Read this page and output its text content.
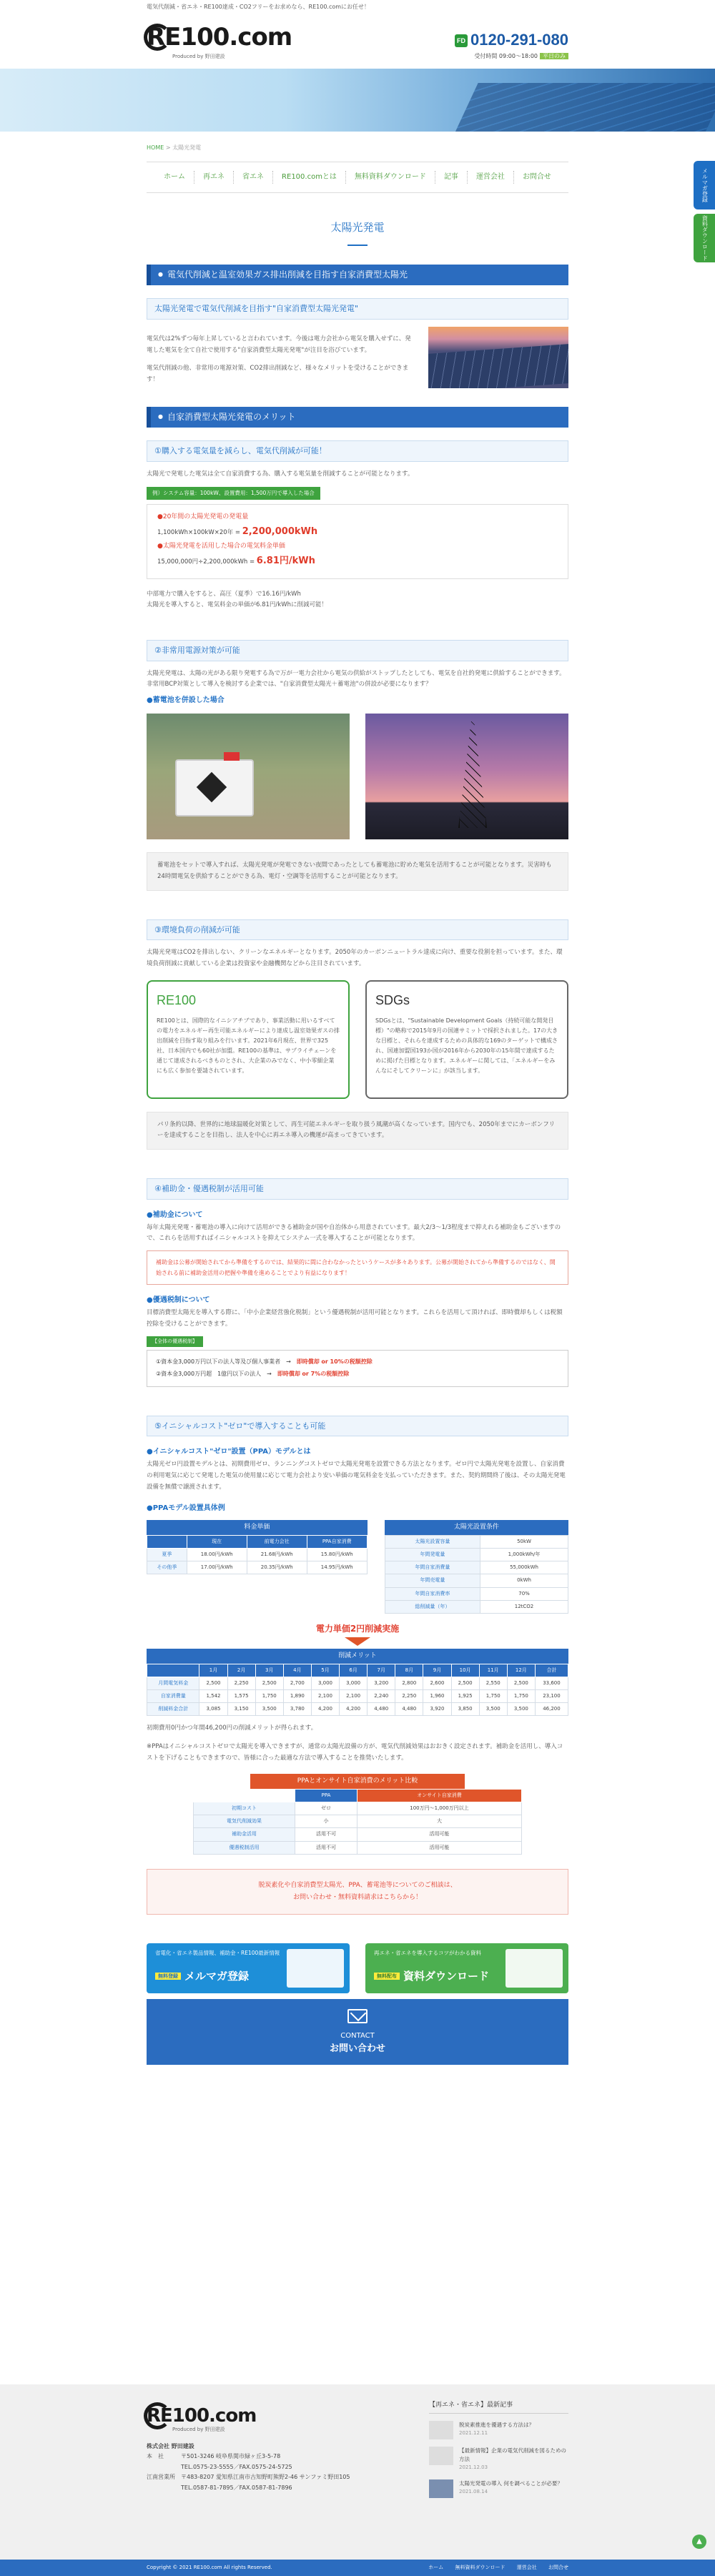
電気代削減・省エネ・RE100達成・CO2フリーをお求めなら、RE100.comにお任せ！
RE100.com
Produced by 野田建設
FD 0120-291-080
受付時間 09:00～18:00 平日のみ
HOME > 太陽光発電
ホーム	再エネ	省エネ	RE100.comとは	無料資料ダウンロード	記事	運営会社	お問合せ	メルマガ登録
資料ダウンロード
太陽光発電
● 電気代削減と温室効果ガス排出削減を目指す自家消費型太陽光
太陽光発電で電気代削減を目指す"自家消費型太陽光発電"

電気代は2%ずつ毎年上昇していると言われています。今後は電力会社から電気を購入せずに、発電した電気を全て自社で使用する"自家消費型太陽光発電"が注目を浴びています。

電気代削減の他、非常用の電源対策、CO2排出削減など、様々なメリットを受けることができます！

● 自家消費型太陽光発電のメリット
①購入する電気量を減らし、電気代削減が可能！

太陽光で発電した電気は全て自家消費する為、購入する電気量を削減することが可能となります。

例）システム容量：100kW、設置費用：1,500万円で導入した場合
●20年間の太陽光発電の発電量
1,100kWh×100kW×20年 = 2,200,000kWh
●太陽光発電を活用した場合の電気料金単価
15,000,000円÷2,200,000kWh = 6.81円/kWh

中部電力で購入をすると、高圧（夏季）で16.16円/kWh

太陽光を導入すると、電気料金の単価が6.81円/kWhに削減可能！

②非常用電源対策が可能

太陽光発電は、太陽の光がある限り発電する為で万が一電力会社から電気の供給がストップしたとしても、電気を自社的発電に供給することができます。非常用BCP対策として導入を検討する企業では、"自家消費型太陽光＋蓄電池"の併設が必要になります？

●蓄電池を併設した場合
蓄電池をセットで導入すれば、太陽光発電が発電できない夜間であったとしても蓄電池に貯めた電気を活用することが可能となります。災害時も24時間電気を供給することができる為、電灯・空調等を活用することが可能となります。
③環境負荷の削減が可能

太陽光発電はCO2を排出しない、クリーンなエネルギーとなります。2050年のカーボンニュートラル達成に向け、重要な役割を担っています。また、環境負荷削減に貢献している企業は投資家や金融機関などから注目されています。

RE100

RE100とは、国際的なイニシアチブであり、事業活動に用いるすべての電力をエネルギー再生可能エネルギーにより達成し温室効果ガスの排出削減を目指す取り組みを行います。2021年6月現在、世界で325社、日本国内でも60社が加盟。RE100の基準は、サプライチェーンを通じて達成されるべきものとされ、大企業のみでなく、中小零細企業にも広く参加を要請されています。

SDGs

SDGsとは、"Sustainable Development Goals（持続可能な開発目標）"の略称で2015年9月の国連サミットで採択されました。17の大きな目標と、それらを達成するための具体的な169のターゲットで構成され、国連加盟国193か国が2016年から2030年の15年間で達成するために掲げた目標となります。エネルギーに関しては、「エネルギーをみんなにそしてクリーンに」が該当します。

パリ条約以降、世界的に地球温暖化対策として、再生可能エネルギーを取り扱う風潮が高くなっています。国内でも、2050年までにカーボンフリーを達成することを目指し、法人を中心に再エネ導入の機運が高まってきています。
④補助金・優遇税制が活用可能
●補助金について

毎年太陽光発電・蓄電池の導入に向けて活用ができる補助金が国や自治体から用意されています。最大2/3～1/3程度まで抑えれる補助金もございますので、これらを活用すればイニシャルコストを抑えてシステム一式を導入することが可能となります。

補助金は公募が開始されてから準備をするのでは、結果的に間に合わなかったというケースが多々あります。公募が開始されてから準備するのではなく、開始される前に補助金活用の把握や準備を進めることでより有益になります！
●優遇税制について

目標消費型太陽光を導入する際に、「中小企業経営強化税制」という優遇税制が活用可能となります。これらを活用して頂ければ、即時償却もしくは税額控除を受けることができます。

【全体の優遇税制】
①資本金3,000万円以下の法人等及び個人事業者　→　即時償却 or 10%の税額控除
②資本金3,000万円超　1億円以下の法人　→　即時償却 or 7%の税額控除
⑤イニシャルコスト"ゼロ"で導入することも可能
●イニシャルコスト"ゼロ"設置（PPA）モデルとは

太陽光ゼロ円設置モデルとは、初期費用ゼロ、ランニングコストゼロで太陽光発電を設置できる方法となります。ゼロ円で太陽光発電を設置し、自家消費の利用電気に応じて発電した電気の使用量に応じて電力会社より安い単価の電気料金を支払っていただきます。また、契約期間終了後は、その太陽光発電設備を無償で譲渡されます。

●PPAモデル設置具体例
料金単価
	現在	前電力会社	PPA自家消費
夏季	18.00円/kWh	21.68円/kWh	15.80円/kWh
その他季	17.00円/kWh	20.35円/kWh	14.95円/kWh
太陽光設置条件
太陽光設置容量	50kW
年間発電量	1,000kWh/年
年間自家消費量	55,000kWh
年間売電量	0kWh
年間自家消費率	70%
総削減量（年）	12tCO2
電力単価2円削減実施
削減メリット
	1月	2月	3月	4月	5月	6月	7月	8月	9月	10月	11月	12月	合計
月間電気料金	2,500	2,250	2,500	2,700	3,000	3,000	3,200	2,800	2,600	2,500	2,550	2,500	33,600
自家消費量	1,542	1,575	1,750	1,890	2,100	2,100	2,240	2,250	1,960	1,925	1,750	1,750	23,100
削減料金合計	3,085	3,150	3,500	3,780	4,200	4,200	4,480	4,480	3,920	3,850	3,500	3,500	46,200

初期費用0円かつ年間46,200円の削減メリットが得られます。

※PPAはイニシャルコストゼロで太陽光を導入できますが、通常の太陽光設備の方が、電気代削減効果はおおきく設定されます。補助金を活用し、導入コストを下げることもできますので、皆様に合った最適な方法で導入することを推奨いたします。

PPAとオンサイト自家消費のメリット比較
	PPA	オンサイト自家消費
初期コスト	ゼロ	100万円～1,000万円以上
電気代削減効果	小	大
補助金活用	活用不可	活用可能
優遇税制活用	活用不可	活用可能
脱炭素化や自家消費型太陽光、PPA、蓄電池等についてのご相談は、
お問い合わせ・無料資料請求はこちらから！
省電化・省エネ製品情報、補助金・RE100最新情報
無料登録 メルマガ登録
再エネ・省エネを導入するコツがわかる資料
無料配布 資料ダウンロード
CONTACT
お問い合わせ
RE100.com
Produced by 野田建設
株式会社 野田建設
本　社	〒501-3246 岐阜県関市緑ヶ丘3-5-78
	TEL.0575-23-5555／FAX.0575-24-5725
江南営業所	〒483-8207 愛知県江南市古知野町熊野2-46 サンファミ野田105
	TEL.0587-81-7895／FAX.0587-81-7896
【再エネ・省エネ】最新記事
脱炭素推進を優遇する方法は？
2021.12.11
【最新情報】企業の電気代削減を図るための方法
2021.12.03
太陽光発電の導入 何を調べることが必要？
2021.08.14
▲
Copyright © 2021 RE100.com All rights Reserved.	ホーム 無料資料ダウンロード 運営会社 お問合せ
